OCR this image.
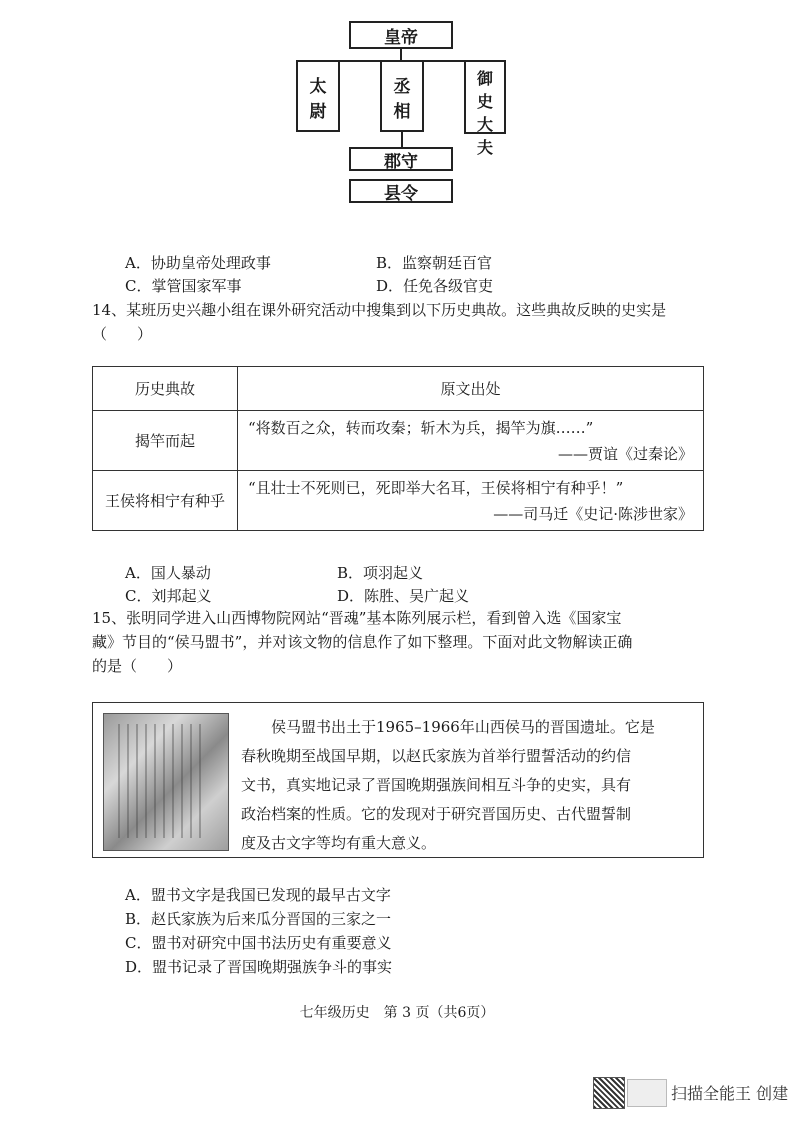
皇帝
太
尉
丞
相
御
史
大
夫
郡守
县令
A．协助皇帝处理政事	B．监察朝廷百官
C．掌管国家军事	D．任免各级官吏
14、某班历史兴趣小组在课外研究活动中搜集到以下历史典故。这些典故反映的史实是
（　　）
历史典故	原文出处
揭竿而起	“将数百之众，转而攻秦；斩木为兵，揭竿为旗……”
——贾谊《过秦论》

王侯将相宁有种乎	“且壮士不死则已，死即举大名耳，王侯将相宁有种乎！”
——司马迁《史记·陈涉世家》
A．国人暴动	B．项羽起义
C．刘邦起义	D．陈胜、吴广起义
15、张明同学进入山西博物院网站“晋魂”基本陈列展示栏，看到曾入选《国家宝
藏》节目的“侯马盟书”，并对该文物的信息作了如下整理。下面对此文物解读正确
的是（　　）
　　侯马盟书出土于1965–1966年山西侯马的晋国遗址。它是
春秋晚期至战国早期，以赵氏家族为首举行盟誓活动的约信
文书，真实地记录了晋国晚期强族间相互斗争的史实，具有
政治档案的性质。它的发现对于研究晋国历史、古代盟誓制
度及古文字等均有重大意义。
A．盟书文字是我国已发现的最早古文字
B．赵氏家族为后来瓜分晋国的三家之一
C．盟书对研究中国书法历史有重要意义
D．盟书记录了晋国晚期强族争斗的事实
七年级历史　第 3 页（共6页）
扫描全能王 创建
